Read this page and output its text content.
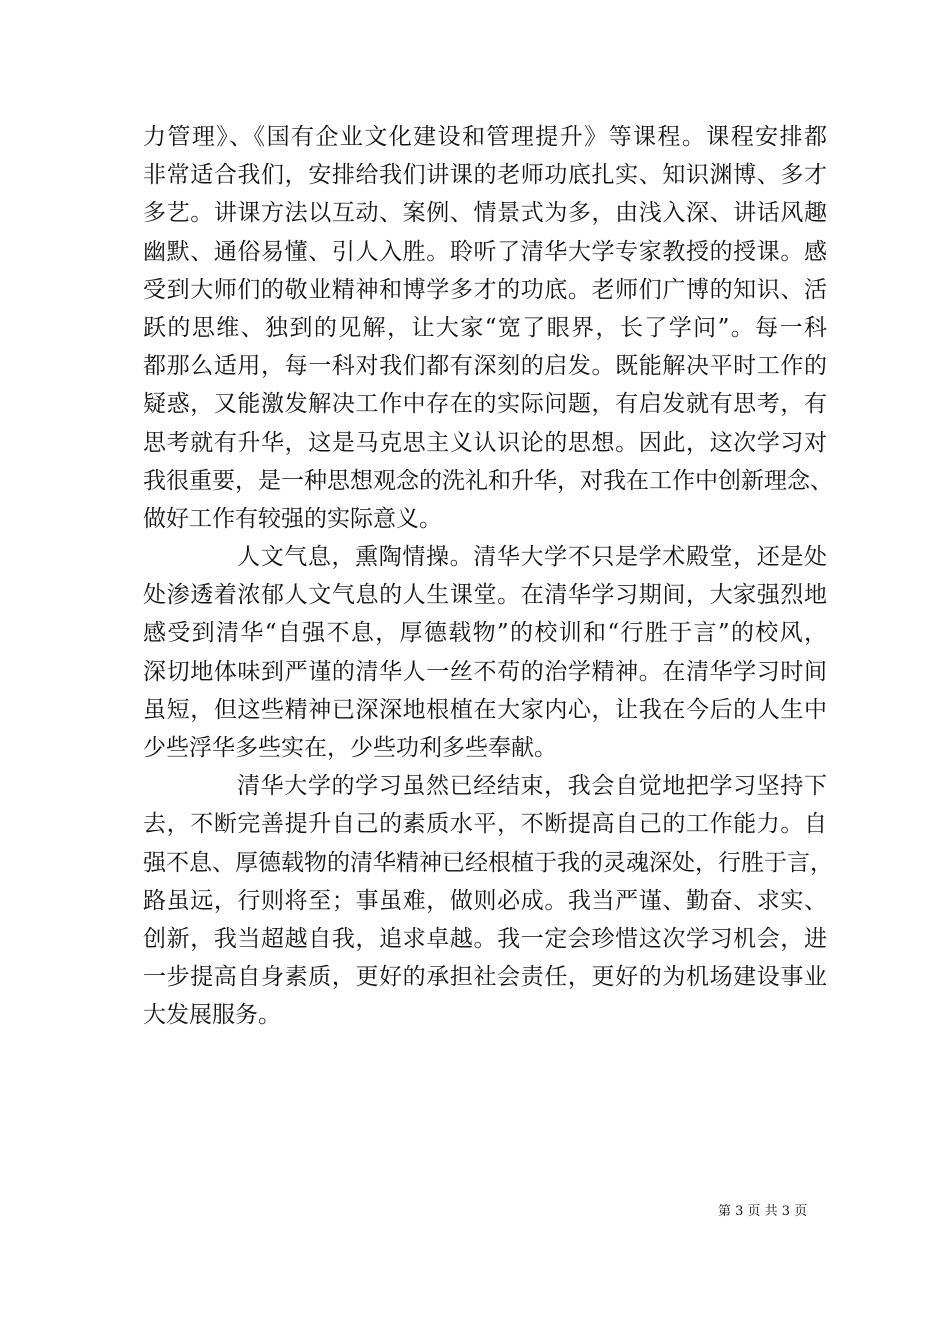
力管理》、《国有企业文化建设和管理提升》等课程。课程安排都
非常适合我们，安排给我们讲课的老师功底扎实、知识渊博、多才
多艺。讲课方法以互动、案例、情景式为多，由浅入深、讲话风趣
幽默、通俗易懂、引人入胜。聆听了清华大学专家教授的授课。感
受到大师们的敬业精神和博学多才的功底。老师们广博的知识、活
跃的思维、独到的见解，让大家“宽了眼界，长了学问”。每一科
都那么适用，每一科对我们都有深刻的启发。既能解决平时工作的
疑惑，又能激发解决工作中存在的实际问题，有启发就有思考，有
思考就有升华，这是马克思主义认识论的思想。因此，这次学习对
我很重要，是一种思想观念的洗礼和升华，对我在工作中创新理念、
做好工作有较强的实际意义。
人文气息，熏陶情操。清华大学不只是学术殿堂，还是处
处渗透着浓郁人文气息的人生课堂。在清华学习期间，大家强烈地
感受到清华“自强不息，厚德载物”的校训和“行胜于言”的校风，
深切地体味到严谨的清华人一丝不苟的治学精神。在清华学习时间
虽短，但这些精神已深深地根植在大家内心，让我在今后的人生中
少些浮华多些实在，少些功利多些奉献。
清华大学的学习虽然已经结束，我会自觉地把学习坚持下
去，不断完善提升自己的素质水平，不断提高自己的工作能力。自
强不息、厚德载物的清华精神已经根植于我的灵魂深处，行胜于言，
路虽远，行则将至；事虽难，做则必成。我当严谨、勤奋、求实、
创新，我当超越自我，追求卓越。我一定会珍惜这次学习机会，进
一步提高自身素质，更好的承担社会责任，更好的为机场建设事业
大发展服务。
第 3 页 共 3 页
